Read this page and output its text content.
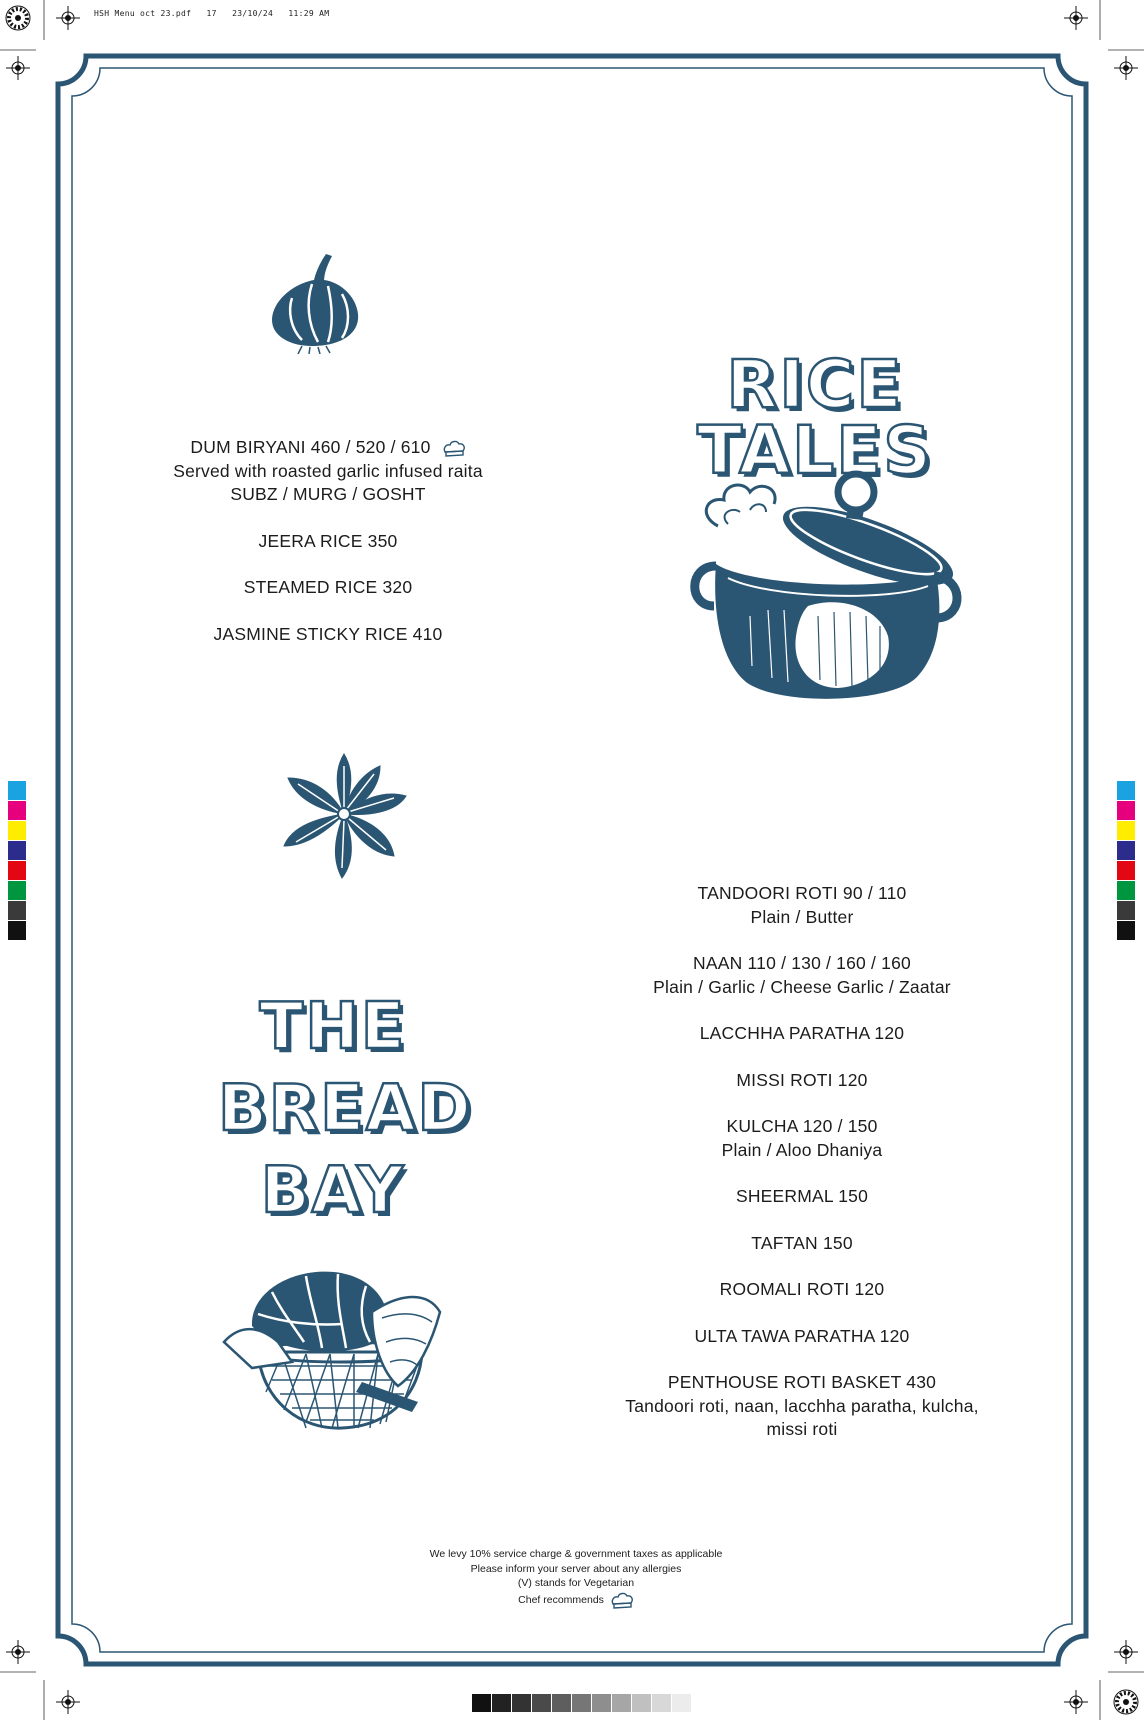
HSH Menu oct 23.pdf   17   23/10/24   11:29 AM
RICE TALES
DUM BIRYANI 460 / 520 / 610
Served with roasted garlic infused raita
SUBZ / MURG / GOSHT
JEERA RICE 350
STEAMED RICE 320
JASMINE STICKY RICE 410
THE
BREAD
BAY
TANDOORI ROTI 90 / 110
Plain / Butter
NAAN 110 / 130 / 160 / 160
Plain / Garlic / Cheese Garlic / Zaatar
LACCHHA PARATHA 120
MISSI ROTI 120
KULCHA 120 / 150
Plain / Aloo Dhaniya
SHEERMAL 150
TAFTAN 150
ROOMALI ROTI 120
ULTA TAWA PARATHA 120
PENTHOUSE ROTI BASKET 430
Tandoori roti, naan, lacchha paratha, kulcha,
missi roti
We levy 10% service charge & government taxes as applicable
Please inform your server about any allergies
(V) stands for Vegetarian
Chef recommends
